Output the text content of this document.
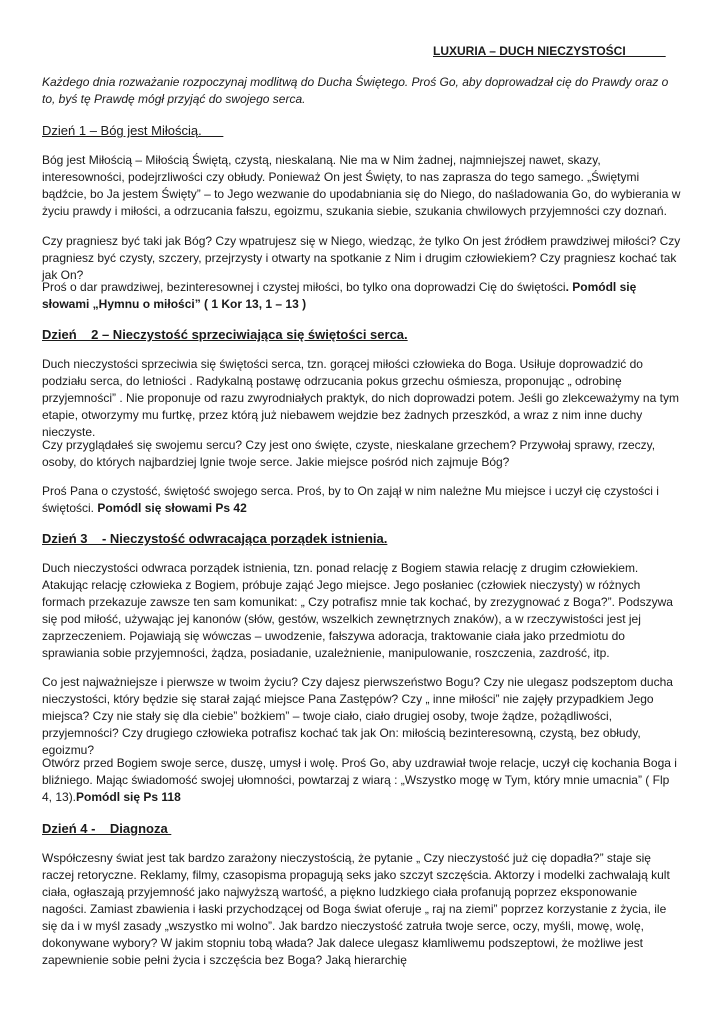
LUXURIA – DUCH NIECZYSTOŚCI

Każdego dnia rozważanie rozpoczynaj modlitwą do Ducha Świętego. Proś Go, aby doprowadzał cię do Prawdy oraz o to, byś tę Prawdę mógł przyjąć do swojego serca.

Dzień 1 – Bóg jest Miłością.

Bóg jest Miłością – Miłością Świętą, czystą, nieskalaną. Nie ma w Nim żadnej, najmniejszej nawet, skazy, interesowności, podejrzliwości czy obłudy. Ponieważ On jest Święty, to nas zaprasza do tego samego. „Świętymi bądźcie, bo Ja jestem Święty” – to Jego wezwanie do upodabniania się do Niego, do naśladowania Go, do wybierania w życiu prawdy i miłości, a odrzucania fałszu, egoizmu, szukania siebie, szukania chwilowych przyjemności czy doznań.

Czy pragniesz być taki jak Bóg? Czy wpatrujesz się w Niego, wiedząc, że tylko On jest źródłem prawdziwej miłości? Czy pragniesz być czysty, szczery, przejrzysty i otwarty na spotkanie z Nim i drugim człowiekiem? Czy pragniesz kochać tak jak On?

Proś o dar prawdziwej, bezinteresownej i czystej miłości, bo tylko ona doprowadzi Cię do świętości. Pomódl się słowami „Hymnu o miłości” ( 1 Kor 13, 1 – 13 )

Dzień    2 – Nieczystość sprzeciwiająca się świętości serca.

Duch nieczystości sprzeciwia się świętości serca, tzn. gorącej miłości człowieka do Boga. Usiłuje doprowadzić do podziału serca, do letniości . Radykalną postawę odrzucania pokus grzechu ośmiesza, proponując „ odrobinę przyjemności” . Nie proponuje od razu zwyrodniałych praktyk, do nich doprowadzi potem. Jeśli go zlekceważymy na tym etapie, otworzymy mu furtkę, przez którą już niebawem wejdzie bez żadnych przeszkód, a wraz z nim inne duchy nieczyste.

Czy przyglądałeś się swojemu sercu? Czy jest ono święte, czyste, nieskalane grzechem? Przywołaj sprawy, rzeczy, osoby, do których najbardziej lgnie twoje serce. Jakie miejsce pośród nich zajmuje Bóg?

Proś Pana o czystość, świętość swojego serca. Proś, by to On zajął w nim należne Mu miejsce i uczył cię czystości i świętości. Pomódl się słowami Ps 42

Dzień 3    - Nieczystość odwracająca porządek istnienia.

Duch nieczystości odwraca porządek istnienia, tzn. ponad relację z Bogiem stawia relację z drugim człowiekiem. Atakując relację człowieka z Bogiem, próbuje zająć Jego miejsce. Jego posłaniec (człowiek nieczysty) w różnych formach przekazuje zawsze ten sam komunikat: „ Czy potrafisz mnie tak kochać, by zrezygnować z Boga?”. Podszywa się pod miłość, używając jej kanonów (słów, gestów, wszelkich zewnętrznych znaków), a w rzeczywistości jest jej zaprzeczeniem. Pojawiają się wówczas – uwodzenie, fałszywa adoracja, traktowanie ciała jako przedmiotu do sprawiania sobie przyjemności, żądza, posiadanie, uzależnienie, manipulowanie, roszczenia, zazdrość, itp.

Co jest najważniejsze i pierwsze w twoim życiu? Czy dajesz pierwszeństwo Bogu? Czy nie ulegasz podszeptom ducha nieczystości, który będzie się starał zająć miejsce Pana Zastępów? Czy „ inne miłości” nie zajęły przypadkiem Jego miejsca? Czy nie stały się dla ciebie” bożkiem” – twoje ciało, ciało drugiej osoby, twoje żądze, pożądliwości, przyjemności? Czy drugiego człowieka potrafisz kochać tak jak On: miłością bezinteresowną, czystą, bez obłudy, egoizmu?

Otwórz przed Bogiem swoje serce, duszę, umysł i wolę. Proś Go, aby uzdrawiał twoje relacje, uczył cię kochania Boga i bliźniego. Mając świadomość swojej ułomności, powtarzaj z wiarą : „Wszystko mogę w Tym, który mnie umacnia” ( Flp 4, 13).Pomódl się Ps 118

Dzień 4 -    Diagnoza

Współczesny świat jest tak bardzo zarażony nieczystością, że pytanie „ Czy nieczystość już cię dopadła?” staje się raczej retoryczne. Reklamy, filmy, czasopisma propagują seks jako szczyt szczęścia. Aktorzy i modelki zachwalają kult ciała, ogłaszają przyjemność jako najwyższą wartość, a piękno ludzkiego ciała profanują poprzez eksponowanie nagości. Zamiast zbawienia i łaski przychodzącej od Boga świat oferuje „ raj na ziemi” poprzez korzystanie z życia, ile się da i w myśl zasady „wszystko mi wolno”. Jak bardzo nieczystość zatruła twoje serce, oczy, myśli, mowę, wolę, dokonywane wybory? W jakim stopniu tobą włada? Jak dalece ulegasz kłamliwemu podszeptowi, że możliwe jest zapewnienie sobie pełni życia i szczęścia bez Boga? Jaką hierarchię
